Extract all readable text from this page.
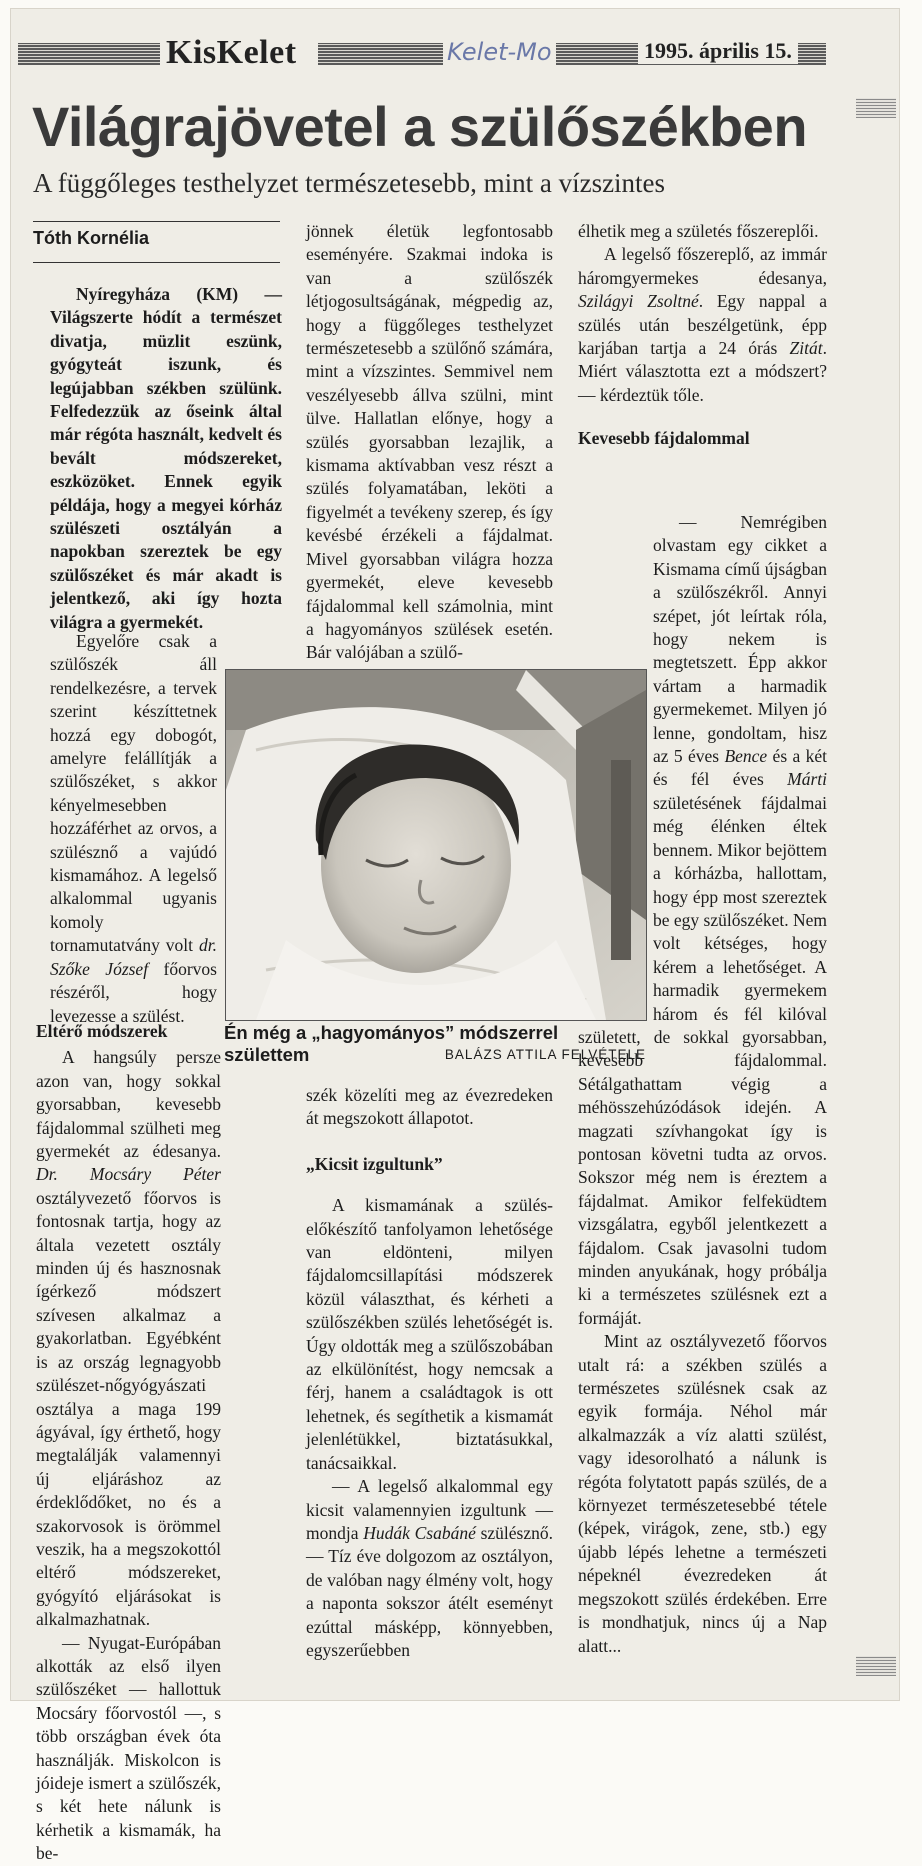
KisKelet	Kelet-Mo	1995. április 15.
Világrajövetel a szülőszékben
A függőleges testhelyzet természetesebb, mint a vízszintes
Tóth Kornélia

Nyíregyháza (KM) — Világszerte hódít a természet divatja, müzlit eszünk, gyógyteát iszunk, és legújabban székben szülünk. Felfedezzük az őseink által már régóta használt, kedvelt és bevált módszereket, eszközöket. Ennek egyik példája, hogy a megyei kórház szülészeti osztályán a napokban szereztek be egy szülőszéket és már akadt is jelentkező, aki így hozta világra a gyermekét.

Egyelőre csak a szülőszék áll rendelkezésre, a tervek szerint készíttetnek hozzá egy dobogót, amelyre felállítják a szülőszéket, s akkor kényelmesebben hozzáférhet az orvos, a szülésznő a vajúdó kismamához. A legelső alkalommal ugyanis komoly tornamutatvány volt dr. Szőke József főorvos részéről, hogy levezesse a szülést.

Eltérő módszerek

A hangsúly persze azon van, hogy sokkal gyorsabban, kevesebb fájdalommal szülheti meg gyermekét az édesanya. Dr. Mocsáry Péter osztályvezető főorvos is fontosnak tartja, hogy az általa vezetett osztály minden új és hasznosnak ígérkező módszert szívesen alkalmaz a gyakorlatban. Egyébként is az ország legnagyobb szülészet-nőgyógyászati osztálya a maga 199 ágyával, így érthető, hogy megtalálják valamennyi új eljáráshoz az érdeklődőket, no és a szakorvosok is örömmel veszik, ha a megszokottól eltérő módszereket, gyógyító eljárásokat is alkalmazhatnak.

— Nyugat-Európában alkották az első ilyen szülőszéket — hallottuk Mocsáry főorvostól —, s több országban évek óta használják. Miskolcon is jóideje ismert a szülőszék, s két hete nálunk is kérhetik a kismamák, ha be-

jönnek életük legfontosabb eseményére. Szakmai indoka is van a szülőszék létjogosultságának, mégpedig az, hogy a függőleges testhelyzet természetesebb a szülőnő számára, mint a vízszintes. Semmivel nem veszélyesebb állva szülni, mint ülve. Hallatlan előnye, hogy a szülés gyorsabban lezajlik, a kismama aktívabban vesz részt a szülés folyamatában, leköti a figyelmét a tevékeny szerep, és így kevésbé érzékeli a fájdalmat. Mivel gyorsabban világra hozza gyermekét, eleve kevesebb fájdalommal kell számolnia, mint a hagyományos szülések esetén. Bár valójában a szülő-

szék közelíti meg az évezredeken át megszokott állapotot.

„Kicsit izgultunk”

A kismamának a szülés-előkészítő tanfolyamon lehetősége van eldönteni, milyen fájdalomcsillapítási módszerek közül választhat, és kérheti a szülőszékben szülés lehetőségét is. Úgy oldották meg a szülőszobában az elkülönítést, hogy nemcsak a férj, hanem a családtagok is ott lehetnek, és segíthetik a kismamát jelenlétükkel, biztatásukkal, tanácsaikkal.

— A legelső alkalommal egy kicsit valamennyien izgultunk — mondja Hudák Csabáné szülésznő. — Tíz éve dolgozom az osztályon, de valóban nagy élmény volt, hogy a naponta sokszor átélt eseményt ezúttal másképp, könnyebben, egyszerűebben

élhetik meg a születés főszereplői.

A legelső főszereplő, az immár háromgyermekes édesanya, Szilágyi Zsoltné. Egy nappal a szülés után beszélgetünk, épp karjában tartja a 24 órás Zitát. Miért választotta ezt a módszert? — kérdeztük tőle.

Kevesebb fájdalommal

— Nemrégiben olvastam egy cikket a Kismama című újságban a szülőszékről. Annyi szépet, jót leírtak róla, hogy nekem is megtetszett. Épp akkor vártam a harmadik gyermekemet. Milyen jó lenne, gondoltam, hisz az 5 éves Bence és a két és fél éves Márti születésének fájdalmai még élénken éltek bennem. Mikor bejöttem a kórházba, hallottam, hogy épp most szereztek be egy szülőszéket. Nem volt kétséges, hogy kérem a lehetőséget. A harmadik gyermekem három és fél kilóval született, de sokkal gyorsabban, kevesebb fájdalommal. Sétálgathattam végig a méhösszehúzódások idején. A magzati szívhangokat így is pontosan követni tudta az orvos. Sokszor még nem is éreztem a fájdalmat. Amikor felfeküdtem vizsgálatra, egyből jelentkezett a fájdalom. Csak javasolni tudom minden anyukának, hogy próbálja ki a természetes szülésnek ezt a formáját.

Mint az osztályvezető főorvos utalt rá: a székben szülés a természetes szülésnek csak az egyik formája. Néhol már alkalmazzák a víz alatti szülést, vagy idesorolható a nálunk is régóta folytatott papás szülés, de a környezet természetesebbé tétele (képek, virágok, zene, stb.) egy újabb lépés lehetne a természeti népeknél évezredeken át megszokott szülés érdekében. Erre is mondhatjuk, nincs új a Nap alatt...

Én még a „hagyományos” módszerrel születtem	BALÁZS ATTILA FELVÉTELE
